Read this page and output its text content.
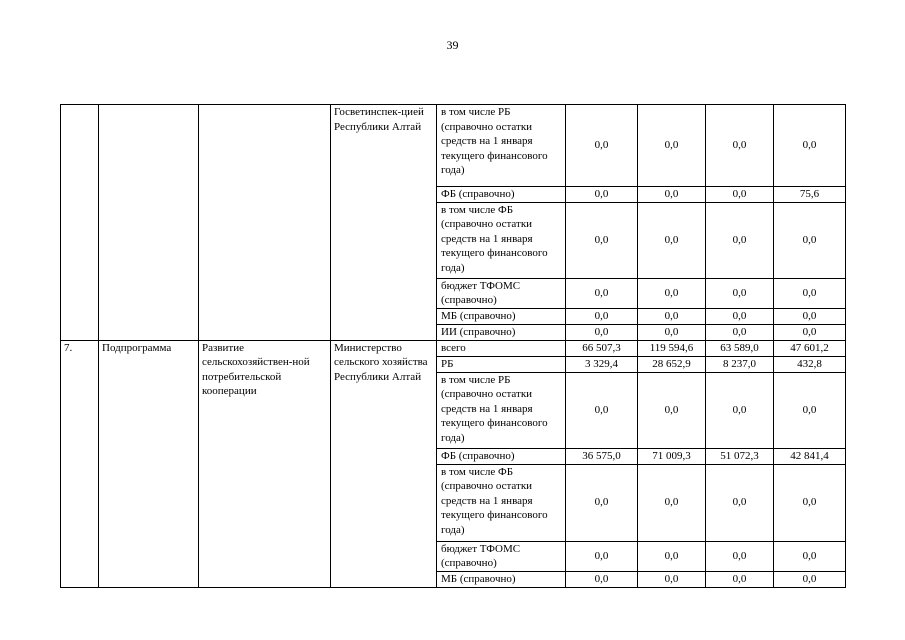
39
			Госветинспек-цией Республики Алтай	в том числе РБ (справочно остатки средств на 1 января текущего финансового года)	0,0	0,0	0,0	0,0
				ФБ (справочно)	0,0	0,0	0,0	75,6
				в том числе ФБ (справочно остатки средств на 1 января текущего финансового года)	0,0	0,0	0,0	0,0
				бюджет ТФОМС (справочно)	0,0	0,0	0,0	0,0
				МБ (справочно)	0,0	0,0	0,0	0,0
				ИИ (справочно)	0,0	0,0	0,0	0,0
7.	Подпрограмма	Развитие сельскохозяйствен-ной потребительской кооперации	Министерство сельского хозяйства Республики Алтай	всего	66 507,3	119 594,6	63 589,0	47 601,2
				РБ	3 329,4	28 652,9	8 237,0	432,8
				в том числе РБ (справочно остатки средств на 1 января текущего финансового года)	0,0	0,0	0,0	0,0
				ФБ (справочно)	36 575,0	71 009,3	51 072,3	42 841,4
				в том числе ФБ (справочно остатки средств на 1 января текущего финансового года)	0,0	0,0	0,0	0,0
				бюджет ТФОМС (справочно)	0,0	0,0	0,0	0,0
				МБ (справочно)	0,0	0,0	0,0	0,0
